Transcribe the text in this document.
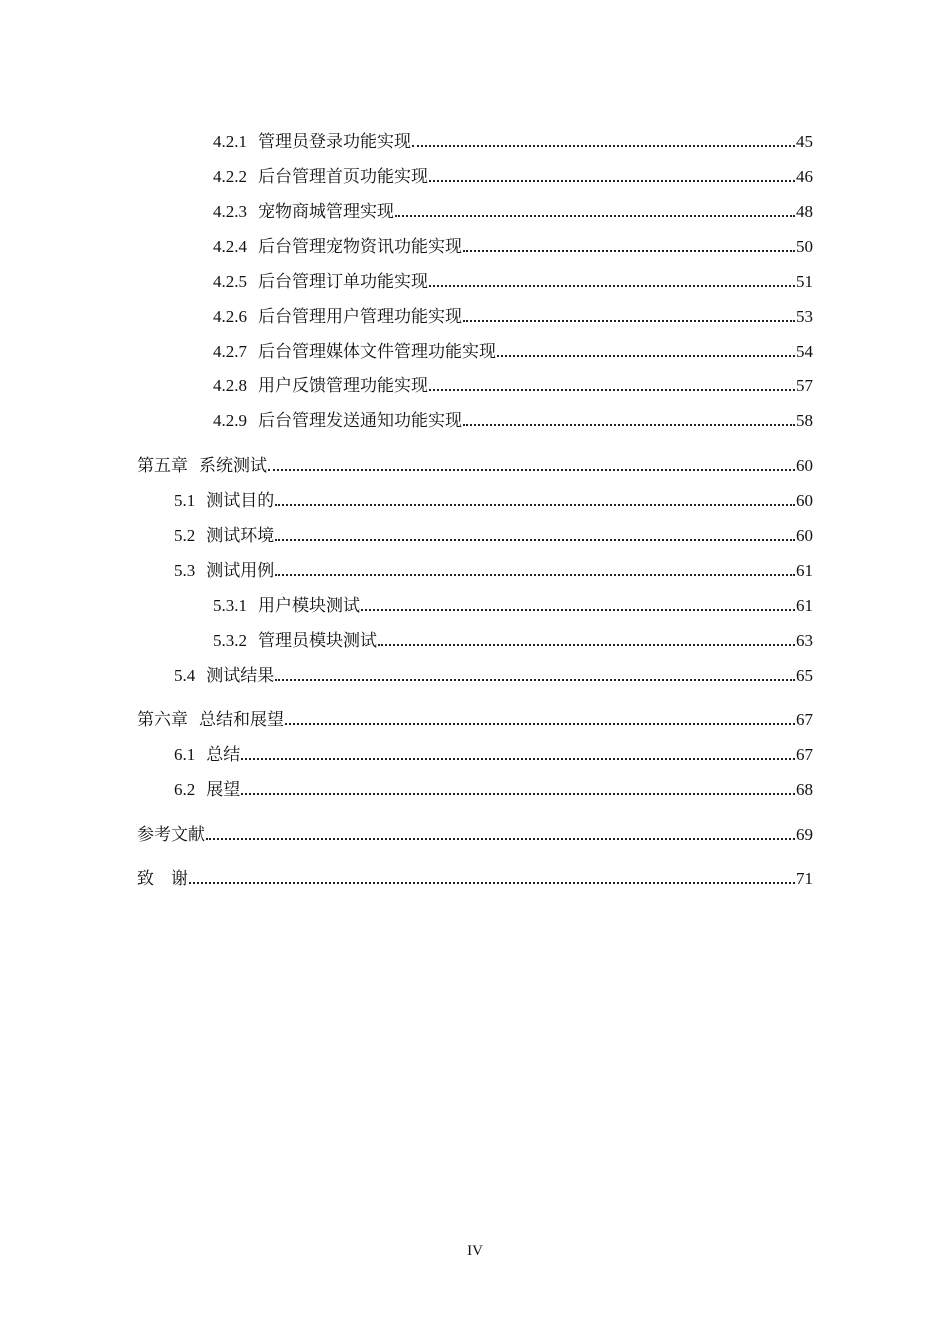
4.2.1 管理员登录功能实现	45
4.2.2 后台管理首页功能实现	46
4.2.3 宠物商城管理实现	48
4.2.4 后台管理宠物资讯功能实现	50
4.2.5 后台管理订单功能实现	51
4.2.6 后台管理用户管理功能实现	53
4.2.7 后台管理媒体文件管理功能实现	54
4.2.8 用户反馈管理功能实现	57
4.2.9 后台管理发送通知功能实现	58
第五章 系统测试	60
5.1 测试目的	60
5.2 测试环境	60
5.3 测试用例	61
5.3.1 用户模块测试	61
5.3.2 管理员模块测试	63
5.4 测试结果	65
第六章 总结和展望	67
6.1 总结	67
6.2 展望	68
参考文献	69
致　谢	71
IV
